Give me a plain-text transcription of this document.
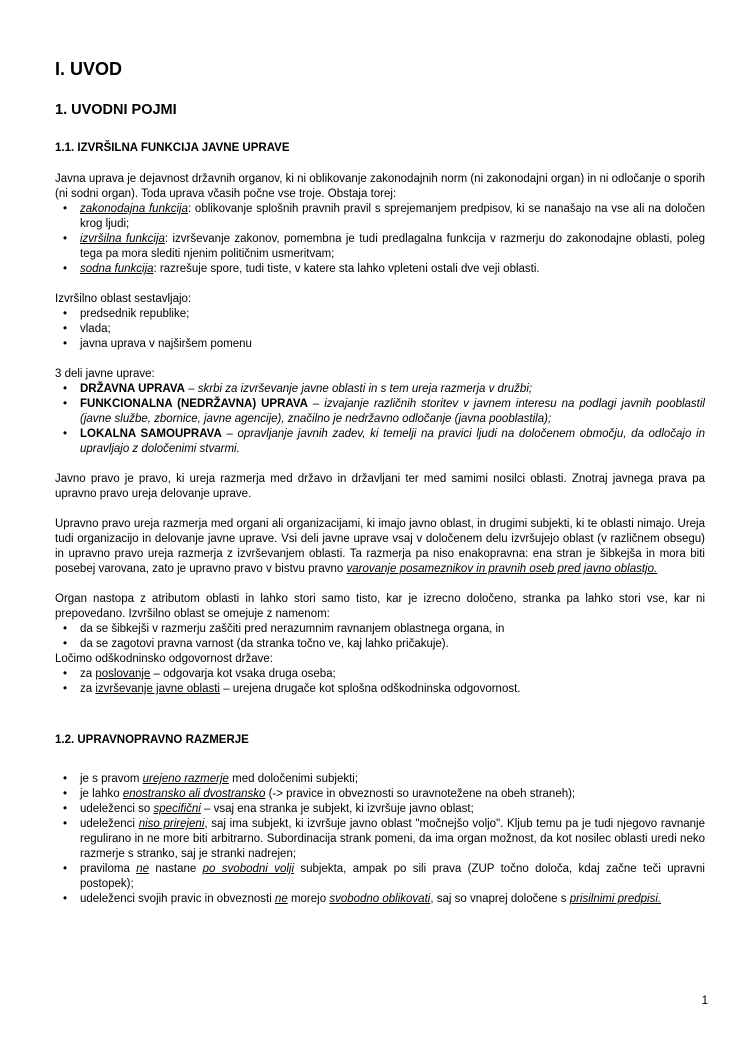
I. UVOD
1. UVODNI POJMI
1.1. IZVRŠILNA FUNKCIJA JAVNE UPRAVE

Javna uprava je dejavnost državnih organov, ki ni oblikovanje zakonodajnih norm (ni zakonodajni organ) in ni odločanje o sporih (ni sodni organ). Toda uprava včasih počne vse troje. Obstaja torej:

• zakonodajna funkcija: oblikovanje splošnih pravnih pravil s sprejemanjem predpisov, ki se nanašajo na vse ali na določen krog ljudi;
• izvršilna funkcija: izvrševanje zakonov, pomembna je tudi predlagalna funkcija v razmerju do zakonodajne oblasti, poleg tega pa mora slediti njenim političnim usmeritvam;
• sodna funkcija: razrešuje spore, tudi tiste, v katere sta lahko vpleteni ostali dve veji oblasti.

Izvršilno oblast sestavljajo:

• predsednik republike;
• vlada;
• javna uprava v najširšem pomenu

3 deli javne uprave:

• DRŽAVNA UPRAVA – skrbi za izvrševanje javne oblasti in s tem ureja razmerja v družbi;
• FUNKCIONALNA (NEDRŽAVNA) UPRAVA – izvajanje različnih storitev v javnem interesu na podlagi javnih pooblastil (javne službe, zbornice, javne agencije), značilno je nedržavno odločanje (javna pooblastila);
• LOKALNA SAMOUPRAVA – opravljanje javnih zadev, ki temelji na pravici ljudi na določenem območju, da odločajo in upravljajo z določenimi stvarmi.

Javno pravo je pravo, ki ureja razmerja med državo in državljani ter med samimi nosilci oblasti. Znotraj javnega prava pa upravno pravo ureja delovanje uprave.

Upravno pravo ureja razmerja med organi ali organizacijami, ki imajo javno oblast, in drugimi subjekti, ki te oblasti nimajo. Ureja tudi organizacijo in delovanje javne uprave. Vsi deli javne uprave vsaj v določenem delu izvršujejo oblast (v različnem obsegu) in upravno pravo ureja razmerja z izvrševanjem oblasti. Ta razmerja pa niso enakopravna: ena stran je šibkejša in mora biti posebej varovana, zato je upravno pravo v bistvu pravno varovanje posameznikov in pravnih oseb pred javno oblastjo.

Organ nastopa z atributom oblasti in lahko stori samo tisto, kar je izrecno določeno, stranka pa lahko stori vse, kar ni prepovedano. Izvršilno oblast se omejuje z namenom:

• da se šibkejši v razmerju zaščiti pred nerazumnim ravnanjem oblastnega organa, in
• da se zagotovi pravna varnost (da stranka točno ve, kaj lahko pričakuje).

Ločimo odškodninsko odgovornost države:

• za poslovanje – odgovarja kot vsaka druga oseba;
• za izvrševanje javne oblasti – urejena drugače kot splošna odškodninska odgovornost.
1.2. UPRAVNOPRAVNO RAZMERJE
• je s pravom urejeno razmerje med določenimi subjekti;
• je lahko enostransko ali dvostransko (-> pravice in obveznosti so uravnotežene na obeh straneh);
• udeleženci so specifični – vsaj ena stranka je subjekt, ki izvršuje javno oblast;
• udeleženci niso prirejeni, saj ima subjekt, ki izvršuje javno oblast "močnejšo voljo". Kljub temu pa je tudi njegovo ravnanje regulirano in ne more biti arbitrarno. Subordinacija strank pomeni, da ima organ možnost, da kot nosilec oblasti uredi neko razmerje s stranko, saj je stranki nadrejen;
• praviloma ne nastane po svobodni volji subjekta, ampak po sili prava (ZUP točno določa, kdaj začne teči upravni postopek);
• udeleženci svojih pravic in obveznosti ne morejo svobodno oblikovati, saj so vnaprej določene s prisilnimi predpisi.
1
